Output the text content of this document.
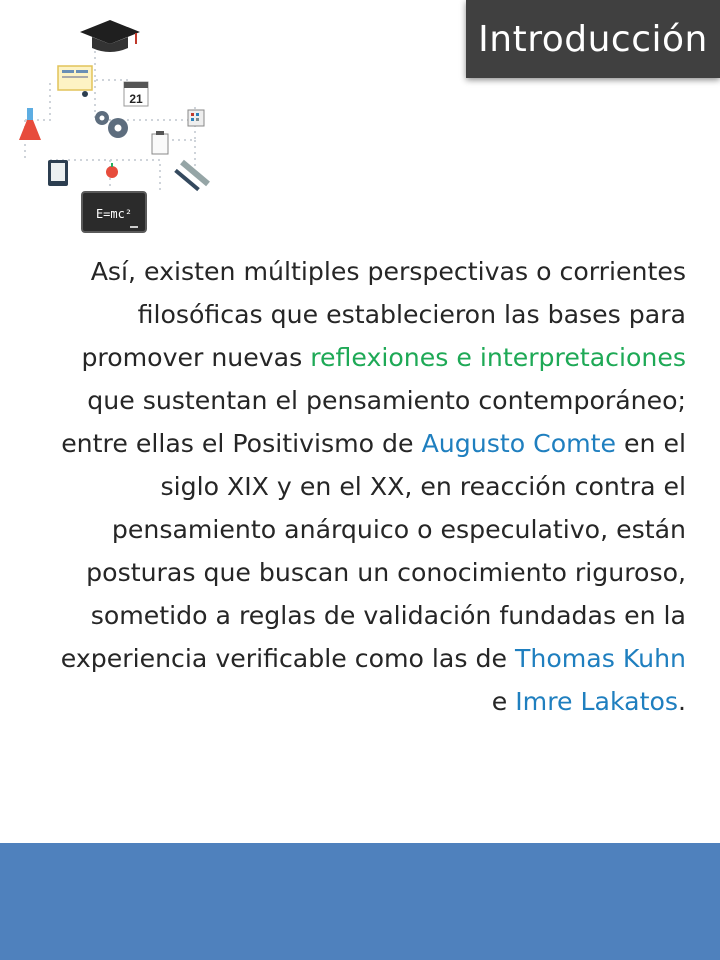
Introducción
21
E=mc²

Así, existen múltiples perspectivas o corrientes filosóficas que establecieron las bases para promover nuevas reflexiones e interpretaciones que sustentan el pensamiento contemporáneo; entre ellas el Positivismo de Augusto Comte en el siglo XIX y en el XX, en reacción contra el pensamiento anárquico o especulativo, están posturas que buscan un conocimiento riguroso, sometido a reglas de validación fundadas en la experiencia verificable como las de Thomas Kuhn e Imre Lakatos.
